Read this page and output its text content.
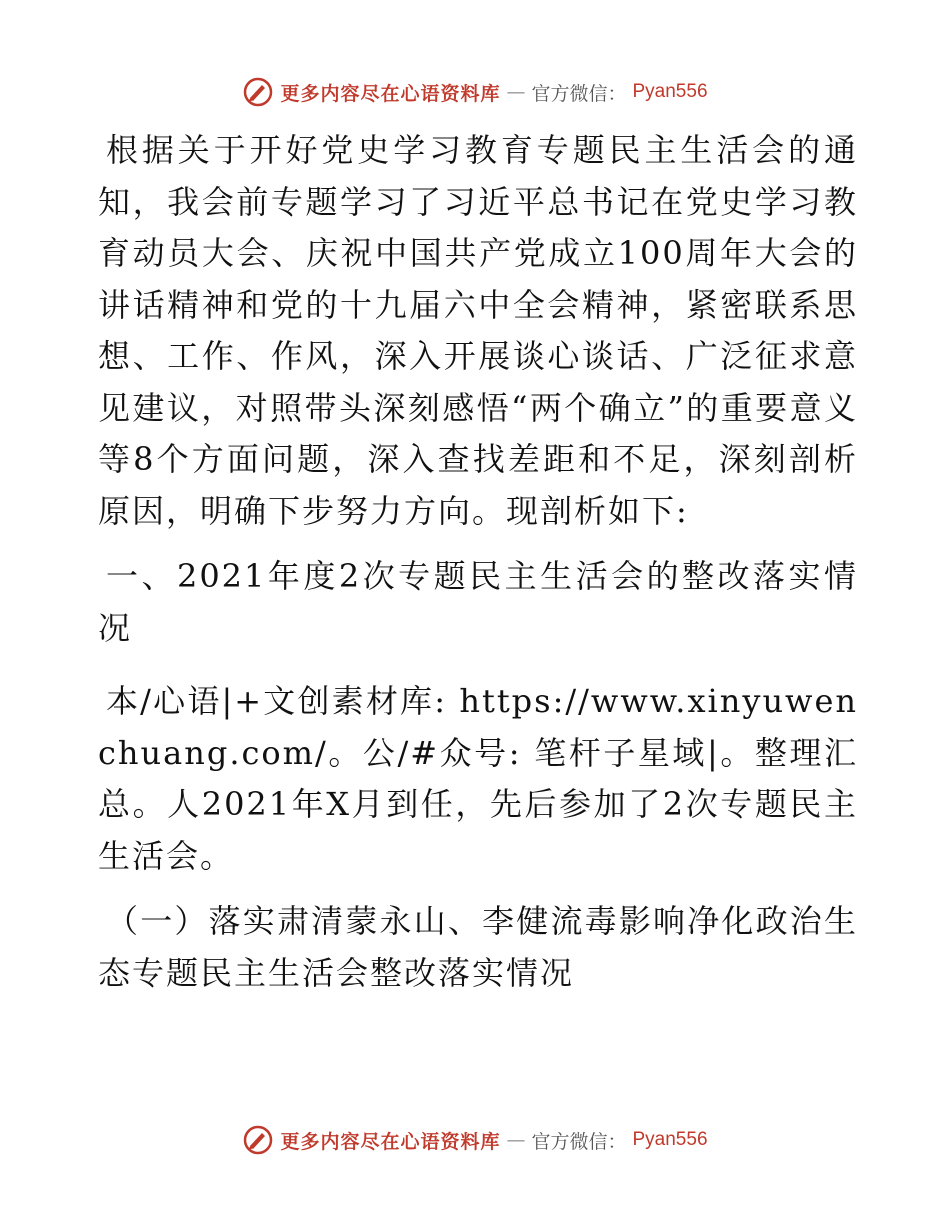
更多内容尽在心语资料库 — 官方微信： Pyan556

根据关于开好党史学习教育专题民主生活会的通知，我会前专题学习了习近平总书记在党史学习教育动员大会、庆祝中国共产党成立100周年大会的讲话精神和党的十九届六中全会精神，紧密联系思想、工作、作风，深入开展谈心谈话、广泛征求意见建议，对照带头深刻感悟“两个确立”的重要意义等8个方面问题，深入查找差距和不足，深刻剖析原因，明确下步努力方向。现剖析如下:

一、2021年度2次专题民主生活会的整改落实情况

本/心语|+文创素材库: https://www.xinyuwenchuang.com/。公/#众号: 笔杆子星域|。整理汇总。人2021年X月到任，先后参加了2次专题民主生活会。

（一）落实肃清蒙永山、李健流毒影响净化政治生态专题民主生活会整改落实情况

更多内容尽在心语资料库 — 官方微信： Pyan556
